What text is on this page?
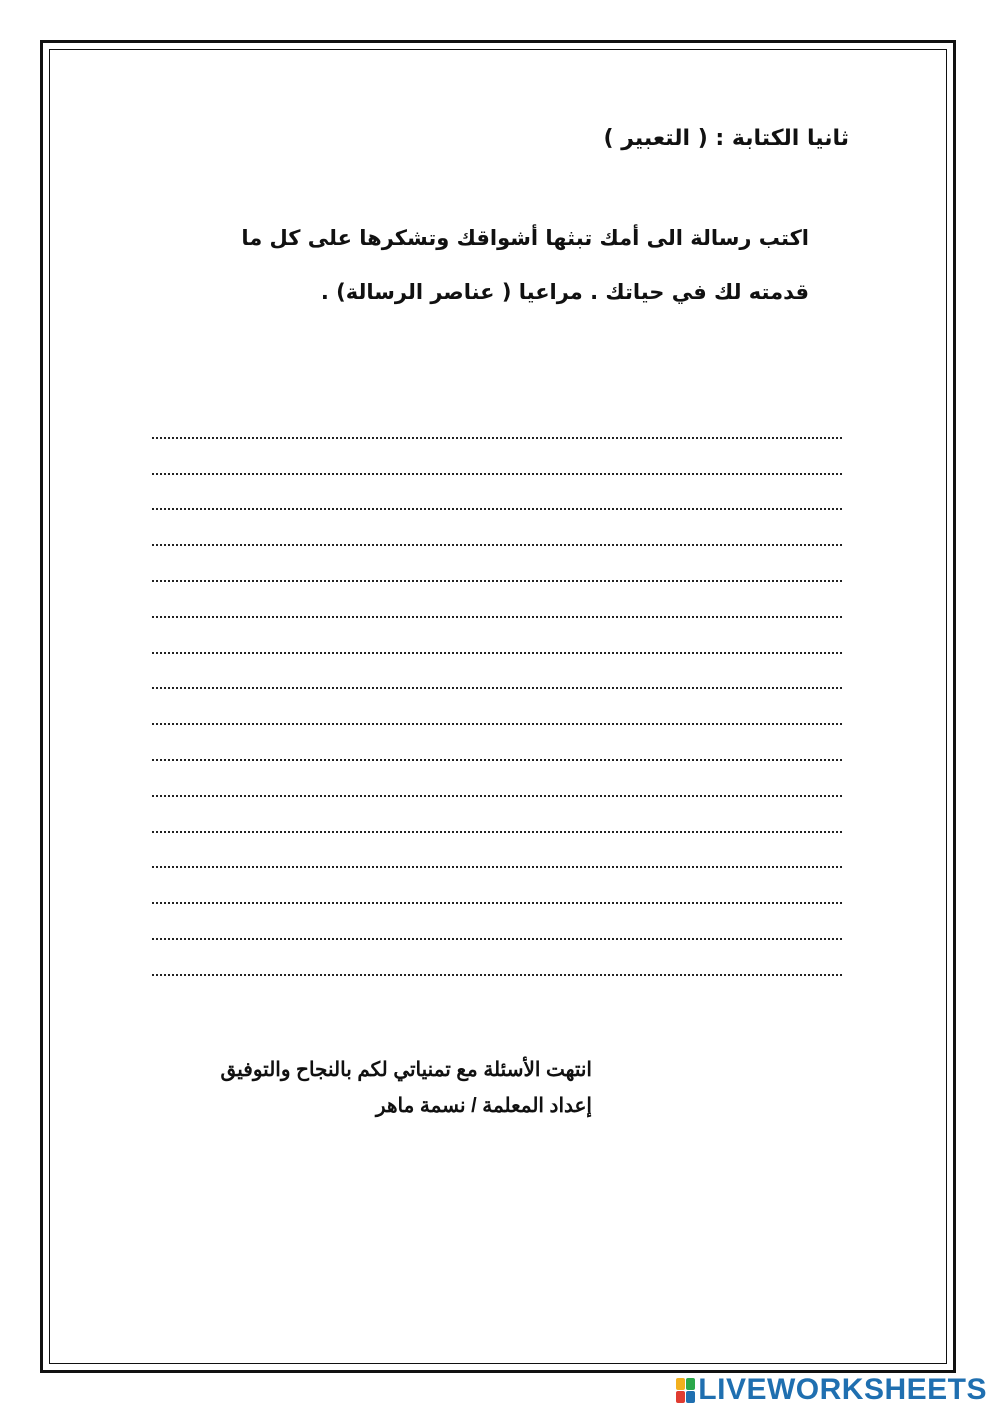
ثانيا الكتابة : ( التعبير )
اكتب رسالة الى أمك تبثها أشواقك وتشكرها على كل ما
قدمته لك في حياتك . مراعيا ( عناصر الرسالة) .
انتهت الأسئلة مع تمنياتي لكم بالنجاح والتوفيق
إعداد المعلمة / نسمة ماهر
LIVEWORKSHEETS
